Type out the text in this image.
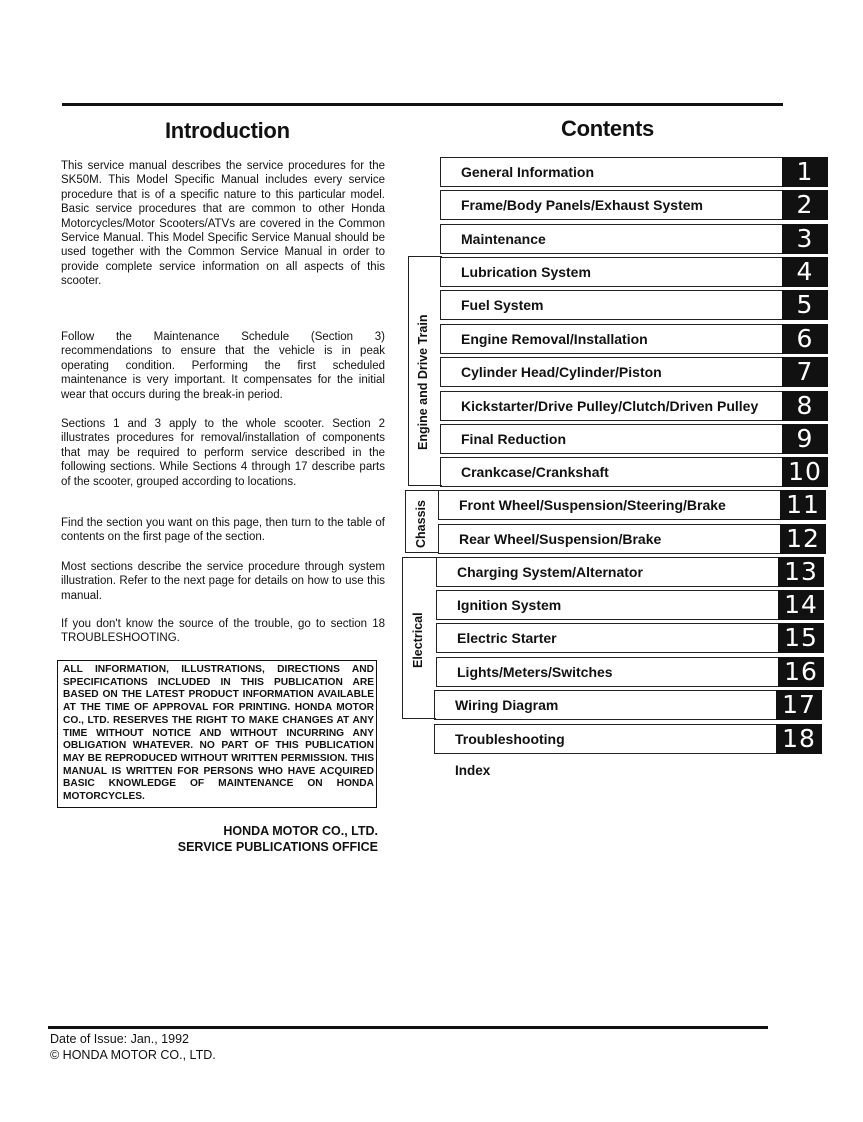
Introduction	Contents

This service manual describes the service procedures for the SK50M. This Model Specific Manual includes every service procedure that is of a specific nature to this particular model. Basic service procedures that are common to other Honda Motorcycles/Motor Scooters/ATVs are covered in the Common Service Manual. This Model Specific Service Manual should be used together with the Common Service Manual in order to provide complete service information on all aspects of this scooter.

Follow the Maintenance Schedule (Section 3) recommendations to ensure that the vehicle is in peak operating condition. Performing the first scheduled maintenance is very important. It compensates for the initial wear that occurs during the break-in period.

Sections 1 and 3 apply to the whole scooter. Section 2 illustrates procedures for removal/installation of components that may be required to perform service described in the following sections. While Sections 4 through 17 describe parts of the scooter, grouped according to locations.

Find the section you want on this page, then turn to the table of contents on the first page of the section.

Most sections describe the service procedure through system illustration. Refer to the next page for details on how to use this manual.

If you don't know the source of the trouble, go to section 18 TROUBLESHOOTING.

ALL INFORMATION, ILLUSTRATIONS, DIRECTIONS AND SPECIFICATIONS INCLUDED IN THIS PUBLICATION ARE BASED ON THE LATEST PRODUCT INFORMATION AVAILABLE AT THE TIME OF APPROVAL FOR PRINTING. HONDA MOTOR CO., LTD. RESERVES THE RIGHT TO MAKE CHANGES AT ANY TIME WITHOUT NOTICE AND WITHOUT INCURRING ANY OBLIGATION WHATEVER. NO PART OF THIS PUBLICATION MAY BE REPRODUCED WITHOUT WRITTEN PERMISSION. THIS MANUAL IS WRITTEN FOR PERSONS WHO HAVE ACQUIRED BASIC KNOWLEDGE OF MAINTENANCE ON HONDA MOTORCYCLES.
HONDA MOTOR CO., LTD.
SERVICE PUBLICATIONS OFFICE
Engine and Drive Train
Chassis
Electrical
General Information	1
Frame/Body Panels/Exhaust System	2
Maintenance	3
Lubrication System	4
Fuel System	5
Engine Removal/Installation	6
Cylinder Head/Cylinder/Piston	7
Kickstarter/Drive Pulley/Clutch/Driven Pulley	8
Final Reduction	9
Crankcase/Crankshaft	10
Front Wheel/Suspension/Steering/Brake 11
Rear Wheel/Suspension/Brake	12
Charging System/Alternator	13
Ignition System	14
Electric Starter	15
Lights/Meters/Switches	16
Wiring Diagram	17
Troubleshooting	18
Index
Date of Issue: Jan., 1992
© HONDA MOTOR CO., LTD.
